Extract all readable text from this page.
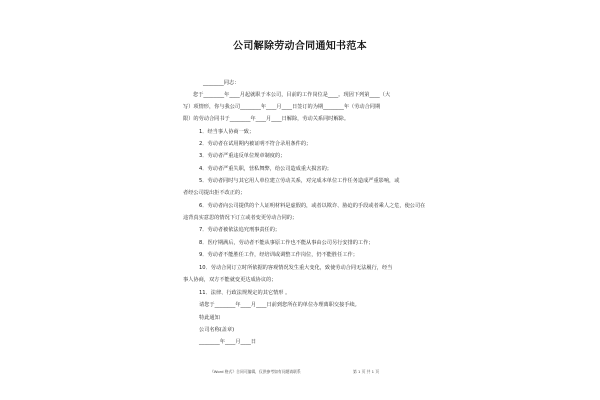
公司解除劳动合同通知书范本
________同志：
您于________年____月起就职于本公司，目前的工作岗位是____。现因下列第____（大
写）项情形，你与我公司________年____月____日签订的为期________年（劳动合同期
限）的劳动合同书于________年____月____日解除，劳动关系同时解除。
1．经当事人协商一致；
2．劳动者在试用期内被证明不符合录用条件的；
3．劳动者严重违反单位规章制度的；
4．劳动者严重失职，营私舞弊，给公司造成重大损害的；
5．劳动者同时与其它用人单位建立劳动关系，对完成本单位工作任务造成严重影响，或
者经公司提出拒不改正的；
6．劳动者向公司提供的个人证明材料是虚假的，或者以欺诈、胁迫的手段或者乘人之危，使公司在
违背真实意思的情况下订立或者变更劳动合同的；
7．劳动者被依法追究刑事责任的；
8．医疗期满后，劳动者不能从事原工作也不能从事由公司另行安排的工作；
9．劳动者不能胜任工作，经培训或调整工作岗位，仍不能胜任工作；
10．劳动合同订立时所依据的客观情况发生重大变化，致使劳动合同无法履行，经当
事人协商，双方不能就变更达成协议的；
11．法律、行政法规规定的其它情形 。
请您于________年____月____日前到您所在的单位办理离职交接手续。
特此通知
公司名称(盖章)
________年____月____日
《Word 格式》合同可编辑，仅供参考如有问题请联系	第 1 页 共 1 页
